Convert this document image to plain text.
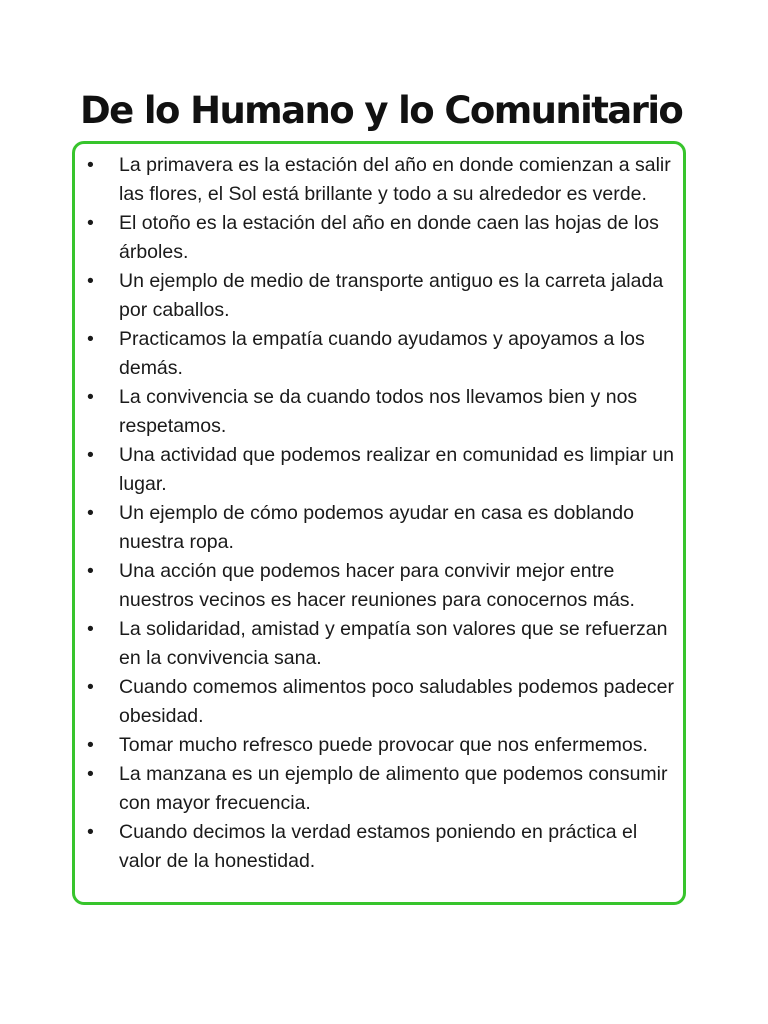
De lo Humano y lo Comunitario
• La primavera es la estación del año en donde comienzan a salir las flores, el Sol está brillante y todo a su alrededor es verde.
• El otoño es la estación del año en donde caen las hojas de los árboles.
• Un ejemplo de medio de transporte antiguo es la carreta jalada por caballos.
• Practicamos la empatía cuando ayudamos y apoyamos a los demás.
• La convivencia se da cuando todos nos llevamos bien y nos respetamos.
• Una actividad que podemos realizar en comunidad es limpiar un lugar.
• Un ejemplo de cómo podemos ayudar en casa es doblando nuestra ropa.
• Una acción que podemos hacer para convivir mejor entre nuestros vecinos es hacer reuniones para conocernos más.
• La solidaridad, amistad y empatía son valores que se refuerzan en la convivencia sana.
• Cuando comemos alimentos poco saludables podemos padecer obesidad.
• Tomar mucho refresco puede provocar que nos enfermemos.
• La manzana es un ejemplo de alimento que podemos consumir con mayor frecuencia.
• Cuando decimos la verdad estamos poniendo en práctica el valor de la honestidad.
